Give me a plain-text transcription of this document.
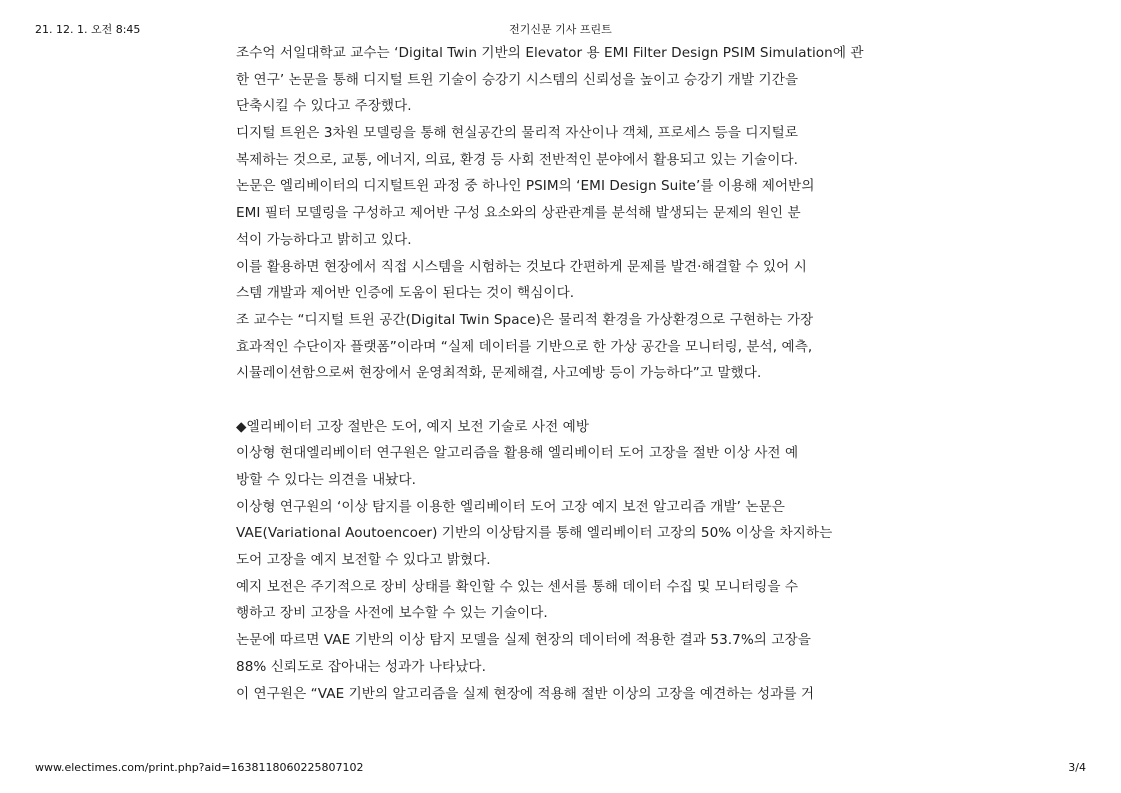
21. 12. 1. 오전 8:45	전기신문 기사 프린트
조수억 서일대학교 교수는 ‘Digital Twin 기반의 Elevator 용 EMI Filter Design PSIM Simulation에 관
한 연구’ 논문을 통해 디지털 트윈 기술이 승강기 시스템의 신뢰성을 높이고 승강기 개발 기간을
단축시킬 수 있다고 주장했다.
디지털 트윈은 3차원 모델링을 통해 현실공간의 물리적 자산이나 객체, 프로세스 등을 디지털로
복제하는 것으로, 교통, 에너지, 의료, 환경 등 사회 전반적인 분야에서 활용되고 있는 기술이다.
논문은 엘리베이터의 디지털트윈 과정 중 하나인 PSIM의 ‘EMI Design Suite’를 이용해 제어반의
EMI 필터 모델링을 구성하고 제어반 구성 요소와의 상관관계를 분석해 발생되는 문제의 원인 분
석이 가능하다고 밝히고 있다.
이를 활용하면 현장에서 직접 시스템을 시험하는 것보다 간편하게 문제를 발견·해결할 수 있어 시
스템 개발과 제어반 인증에 도움이 된다는 것이 핵심이다.
조 교수는 “디지털 트윈 공간(Digital Twin Space)은 물리적 환경을 가상환경으로 구현하는 가장
효과적인 수단이자 플랫폼”이라며 “실제 데이터를 기반으로 한 가상 공간을 모니터링, 분석, 예측,
시뮬레이션함으로써 현장에서 운영최적화, 문제해결, 사고예방 등이 가능하다”고 말했다.
◆엘리베이터 고장 절반은 도어, 예지 보전 기술로 사전 예방
이상형 현대엘리베이터 연구원은 알고리즘을 활용해 엘리베이터 도어 고장을 절반 이상 사전 예
방할 수 있다는 의견을 내놨다.
이상형 연구원의 ‘이상 탐지를 이용한 엘리베이터 도어 고장 예지 보전 알고리즘 개발’ 논문은
VAE(Variational Aoutoencoer) 기반의 이상탐지를 통해 엘리베이터 고장의 50% 이상을 차지하는
도어 고장을 예지 보전할 수 있다고 밝혔다.
예지 보전은 주기적으로 장비 상태를 확인할 수 있는 센서를 통해 데이터 수집 및 모니터링을 수
행하고 장비 고장을 사전에 보수할 수 있는 기술이다.
논문에 따르면 VAE 기반의 이상 탐지 모델을 실제 현장의 데이터에 적용한 결과 53.7%의 고장을
88% 신뢰도로 잡아내는 성과가 나타났다.
이 연구원은 “VAE 기반의 알고리즘을 실제 현장에 적용해 절반 이상의 고장을 예견하는 성과를 거
www.electimes.com/print.php?aid=1638118060225807102	3/4
